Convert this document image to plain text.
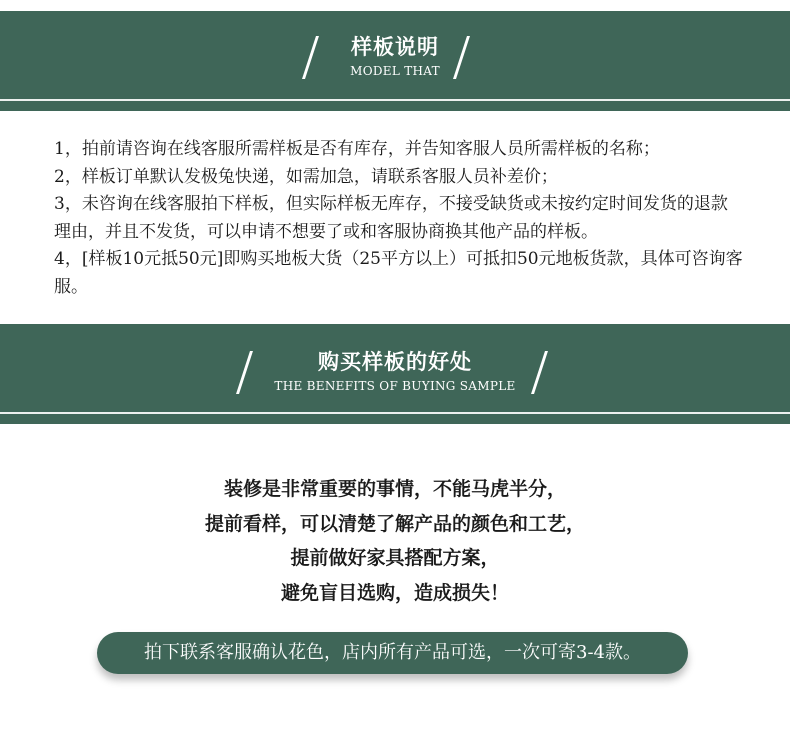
样板说明
MODEL THAT

1，拍前请咨询在线客服所需样板是否有库存，并告知客服人员所需样板的名称；

2，样板订单默认发极兔快递，如需加急，请联系客服人员补差价；

3，未咨询在线客服拍下样板，但实际样板无库存，不接受缺货或未按约定时间发货的退款理由，并且不发货，可以申请不想要了或和客服协商换其他产品的样板。

4，[样板10元抵50元]即购买地板大货（25平方以上）可抵扣50元地板货款，具体可咨询客服。

购买样板的好处
THE BENEFITS OF BUYING SAMPLE

装修是非常重要的事情，不能马虎半分，

提前看样，可以清楚了解产品的颜色和工艺，

提前做好家具搭配方案，

避免盲目选购，造成损失！

拍下联系客服确认花色，店内所有产品可选，一次可寄3-4款。
